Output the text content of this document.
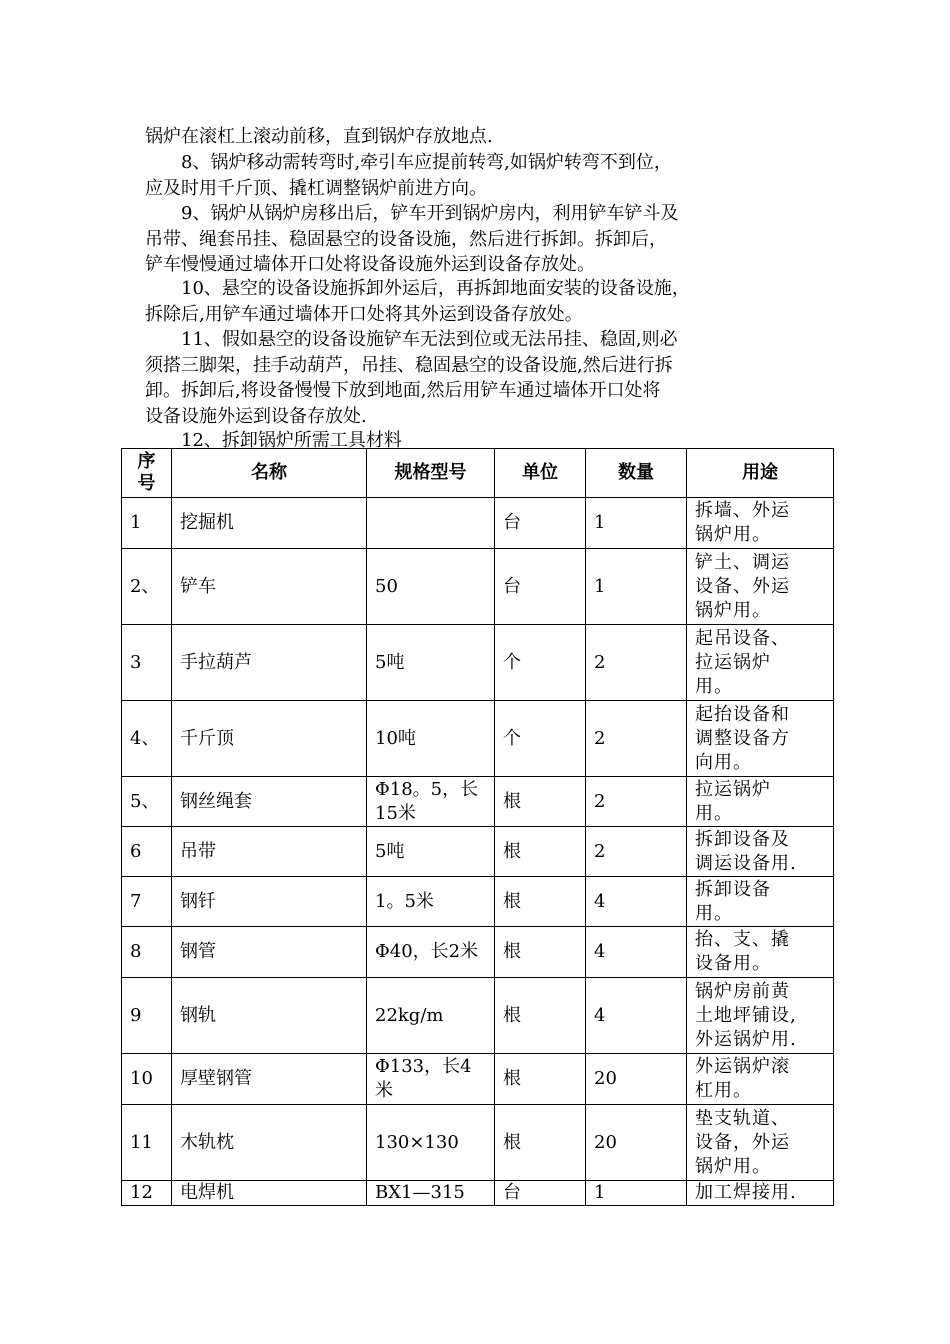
锅炉在滚杠上滚动前移，直到锅炉存放地点.
　　8、锅炉移动需转弯时,牵引车应提前转弯,如锅炉转弯不到位，
应及时用千斤顶、撬杠调整锅炉前进方向。
　　9、锅炉从锅炉房移出后，铲车开到锅炉房内，利用铲车铲斗及
吊带、绳套吊挂、稳固悬空的设备设施，然后进行拆卸。拆卸后，
铲车慢慢通过墙体开口处将设备设施外运到设备存放处。
　　10、悬空的设备设施拆卸外运后，再拆卸地面安装的设备设施，
拆除后,用铲车通过墙体开口处将其外运到设备存放处。
　　11、假如悬空的设备设施铲车无法到位或无法吊挂、稳固,则必
须搭三脚架，挂手动葫芦，吊挂、稳固悬空的设备设施,然后进行拆
卸。拆卸后,将设备慢慢下放到地面,然后用铲车通过墙体开口处将
设备设施外运到设备存放处.
　　12、拆卸锅炉所需工具材料
序
号	名称	规格型号	单位	数量	用途
1	挖掘机		台	1	拆墙、外运
锅炉用。

2、	铲车	50	台	1	铲土、调运
设备、外运
锅炉用。

3	手拉葫芦	5吨	个	2	起吊设备、
拉运锅炉
用。

4、	千斤顶	10吨	个	2	起抬设备和
调整设备方
向用。

5、	钢丝绳套	Φ18。5，长15米	根	2	拉运锅炉
用。

6	吊带	5吨	根	2	拆卸设备及
调运设备用.

7	钢钎	1。5米	根	4	拆卸设备
用。

8	钢管	Φ40，长2米	根	4	抬、支、撬
设备用。

9	钢轨	22kg/m	根	4	锅炉房前黄
土地坪铺设,
外运锅炉用.

10	厚壁钢管	Φ133，长4米	根	20	外运锅炉滚
杠用。

11	木轨枕	130×130	根	20	垫支轨道、
设备，外运
锅炉用。

12	电焊机	BX1—315	台	1	加工焊接用.
